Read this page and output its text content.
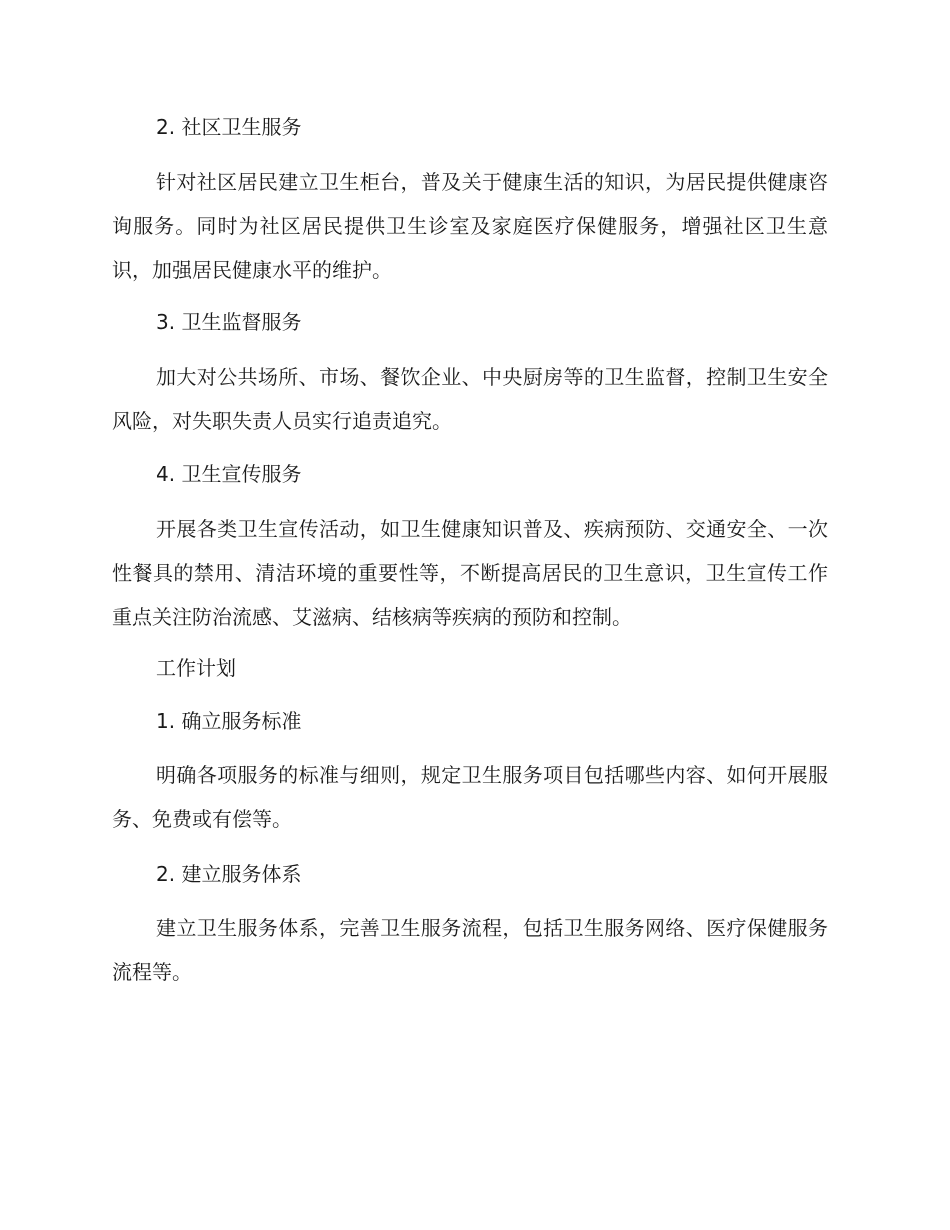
2. 社区卫生服务

针对社区居民建立卫生柜台，普及关于健康生活的知识，为居民提供健康咨询服务。同时为社区居民提供卫生诊室及家庭医疗保健服务，增强社区卫生意识，加强居民健康水平的维护。

3. 卫生监督服务

加大对公共场所、市场、餐饮企业、中央厨房等的卫生监督，控制卫生安全风险，对失职失责人员实行追责追究。

4. 卫生宣传服务

开展各类卫生宣传活动，如卫生健康知识普及、疾病预防、交通安全、一次性餐具的禁用、清洁环境的重要性等，不断提高居民的卫生意识，卫生宣传工作重点关注防治流感、艾滋病、结核病等疾病的预防和控制。

工作计划
1. 确立服务标准

明确各项服务的标准与细则，规定卫生服务项目包括哪些内容、如何开展服务、免费或有偿等。

2. 建立服务体系

建立卫生服务体系，完善卫生服务流程，包括卫生服务网络、医疗保健服务流程等。
